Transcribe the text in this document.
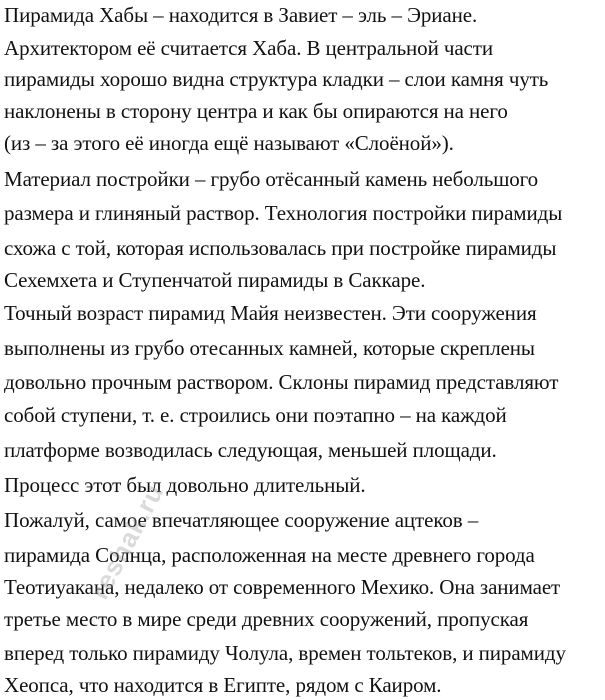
Пирамида Хабы – находится в Завиет – эль – Эриане.
Архитектором её считается Хаба. В центральной части
пирамиды хорошо видна структура кладки – слои камня чуть
наклонены в сторону центра и как бы опираются на него
(из – за этого её иногда ещё называют «Слоёной»).
Материал постройки – грубо отёсанный камень небольшого
размера и глиняный раствор. Технология постройки пирамиды
схожа с той, которая использовалась при постройке пирамиды
Сехемхета и Ступенчатой пирамиды в Саккаре.
Точный возраст пирамид Майя неизвестен. Эти сооружения
выполнены из грубо отесанных камней, которые скреплены
довольно прочным раствором. Склоны пирамид представляют
собой ступени, т. е. строились они поэтапно – на каждой
платформе возводилась следующая, меньшей площади.
Процесс этот был довольно длительный.
Пожалуй, самое впечатляющее сооружение ацтеков –
пирамида Солнца, расположенная на месте древнего города
Теотиуакана, недалеко от современного Мехико. Она занимает
третье место в мире среди древних сооружений, пропуская
вперед только пирамиду Чолула, времен тольтеков, и пирамиду
Хеопса, что находится в Египте, рядом с Каиром.
reshak.ru
